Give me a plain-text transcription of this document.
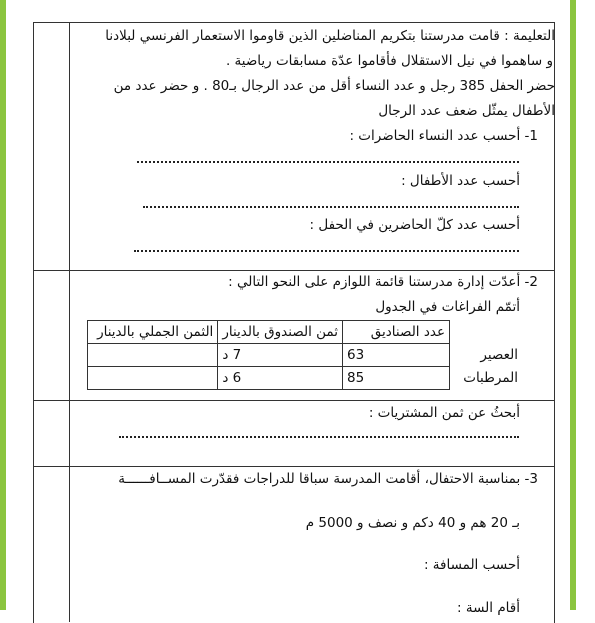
التعليمة : قامت مدرستنا بتكريم المناضلين الذين قاوموا الاستعمار الفرنسي لبلادنا
و ساهموا في نيل الاستقلال فأقاموا عدّة مسابقات رياضية .
حضر الحفل 385 رجل و عدد النساء أقل من عدد الرجال بـ80 . و حضر عدد من
الأطفال يمثّل ضعف عدد الرجال
1- أحسب عدد النساء الحاضرات :
أحسب عدد الأطفال :
أحسب عدد كلّ الحاضرين في الحفل :
2- أعدّت إدارة مدرستنا قائمة اللوازم على النحو التالي :
أتمّم الفراغات في الجدول
	عدد الصناديق	ثمن الصندوق بالدينار	الثمن الجملي بالدينار
العصير	63	7 د	
المرطبات	85	6 د	
أبحثُ عن ثمن المشتريات :
3- بمناسبة الاحتفال، أقامت المدرسة سباقا للدراجات فقدّرت المســافــــــة
بـ 20 هم و 40 دكم و نصف و 5000 م
أحسب المسافة :
أقام السة :
